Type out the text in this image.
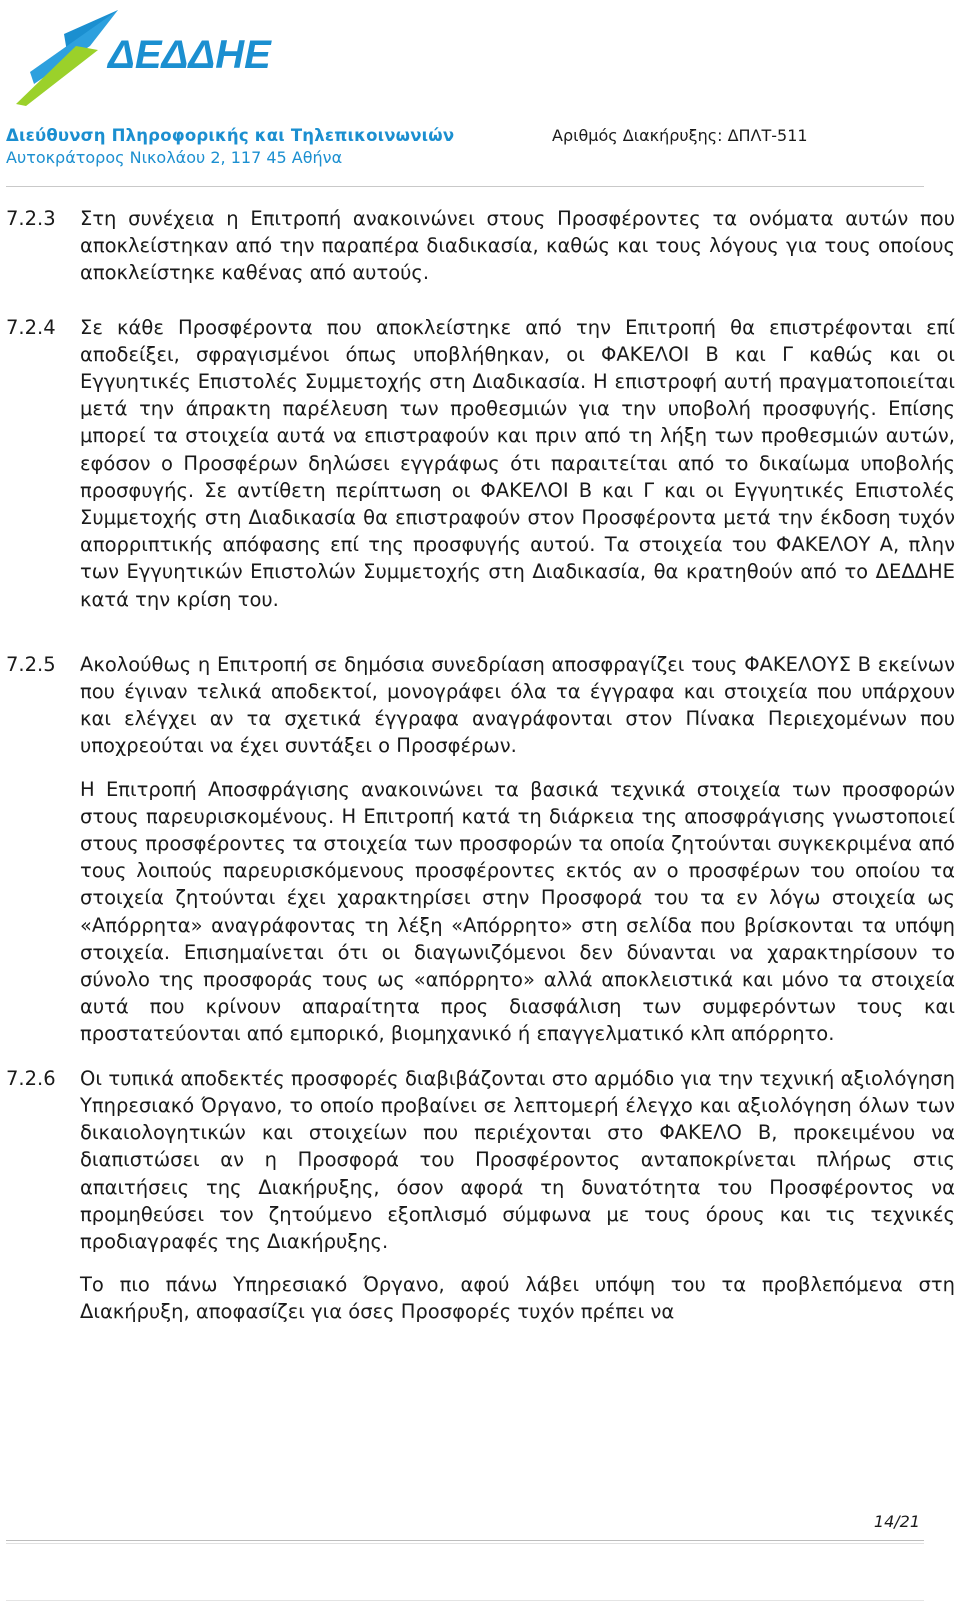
ΔΕΔΔΗΕ
Διεύθυνση Πληροφορικής και Τηλεπικοινωνιών
Αυτοκράτορος Νικολάου 2, 117 45 Αθήνα
Αριθμός Διακήρυξης: ΔΠΛΤ-511
7.2.3 Στη συνέχεια η Επιτροπή ανακοινώνει στους Προσφέροντες τα ονόματα αυτών που αποκλείστηκαν από την παραπέρα διαδικασία, καθώς και τους λόγους για τους οποίους αποκλείστηκε καθένας από αυτούς.
7.2.4 Σε κάθε Προσφέροντα που αποκλείστηκε από την Επιτροπή θα επιστρέφονται επί αποδείξει, σφραγισμένοι όπως υποβλήθηκαν, οι ΦΑΚΕΛΟΙ Β και Γ καθώς και οι Εγγυητικές Επιστολές Συμμετοχής στη Διαδικασία. Η επιστροφή αυτή πραγματοποιείται μετά την άπρακτη παρέλευση των προθεσμιών για την υποβολή προσφυγής. Επίσης μπορεί τα στοιχεία αυτά να επιστραφούν και πριν από τη λήξη των προθεσμιών αυτών, εφόσον ο Προσφέρων δηλώσει εγγράφως ότι παραιτείται από το δικαίωμα υποβολής προσφυγής. Σε αντίθετη περίπτωση οι ΦΑΚΕΛΟΙ Β και Γ και οι Εγγυητικές Επιστολές Συμμετοχής στη Διαδικασία θα επιστραφούν στον Προσφέροντα μετά την έκδοση τυχόν απορριπτικής απόφασης επί της προσφυγής αυτού. Τα στοιχεία του ΦΑΚΕΛΟΥ Α, πλην των Εγγυητικών Επιστολών Συμμετοχής στη Διαδικασία, θα κρατηθούν από το ΔΕΔΔΗΕ κατά την κρίση του.
7.2.5 Ακολούθως η Επιτροπή σε δημόσια συνεδρίαση αποσφραγίζει τους ΦΑΚΕΛΟΥΣ Β εκείνων που έγιναν τελικά αποδεκτοί, μονογράφει όλα τα έγγραφα και στοιχεία που υπάρχουν και ελέγχει αν τα σχετικά έγγραφα αναγράφονται στον Πίνακα Περιεχομένων που υποχρεούται να έχει συντάξει ο Προσφέρων.
Η Επιτροπή Αποσφράγισης ανακοινώνει τα βασικά τεχνικά στοιχεία των προσφορών στους παρευρισκομένους. Η Επιτροπή κατά τη διάρκεια της αποσφράγισης γνωστοποιεί στους προσφέροντες τα στοιχεία των προσφορών τα οποία ζητούνται συγκεκριμένα από τους λοιπούς παρευρισκόμενους προσφέροντες εκτός αν ο προσφέρων του οποίου τα στοιχεία ζητούνται έχει χαρακτηρίσει στην Προσφορά του τα εν λόγω στοιχεία ως «Απόρρητα» αναγράφοντας τη λέξη «Απόρρητο» στη σελίδα που βρίσκονται τα υπόψη στοιχεία. Επισημαίνεται ότι οι διαγωνιζόμενοι δεν δύνανται να χαρακτηρίσουν το σύνολο της προσφοράς τους ως «απόρρητο» αλλά αποκλειστικά και μόνο τα στοιχεία αυτά που κρίνουν απαραίτητα προς διασφάλιση των συμφερόντων τους και προστατεύονται από εμπορικό, βιομηχανικό ή επαγγελματικό κλπ απόρρητο.
7.2.6 Οι τυπικά αποδεκτές προσφορές διαβιβάζονται στο αρμόδιο για την τεχνική αξιολόγηση Υπηρεσιακό Όργανο, το οποίο προβαίνει σε λεπτομερή έλεγχο και αξιολόγηση όλων των δικαιολογητικών και στοιχείων που περιέχονται στο ΦΑΚΕΛΟ Β, προκειμένου να διαπιστώσει αν η Προσφορά του Προσφέροντος ανταποκρίνεται πλήρως στις απαιτήσεις της Διακήρυξης, όσον αφορά τη δυνατότητα του Προσφέροντος να προμηθεύσει τον ζητούμενο εξοπλισμό σύμφωνα με τους όρους και τις τεχνικές προδιαγραφές της Διακήρυξης.
Το πιο πάνω Υπηρεσιακό Όργανο, αφού λάβει υπόψη του τα προβλεπόμενα στη Διακήρυξη, αποφασίζει για όσες Προσφορές τυχόν πρέπει να
14/21
